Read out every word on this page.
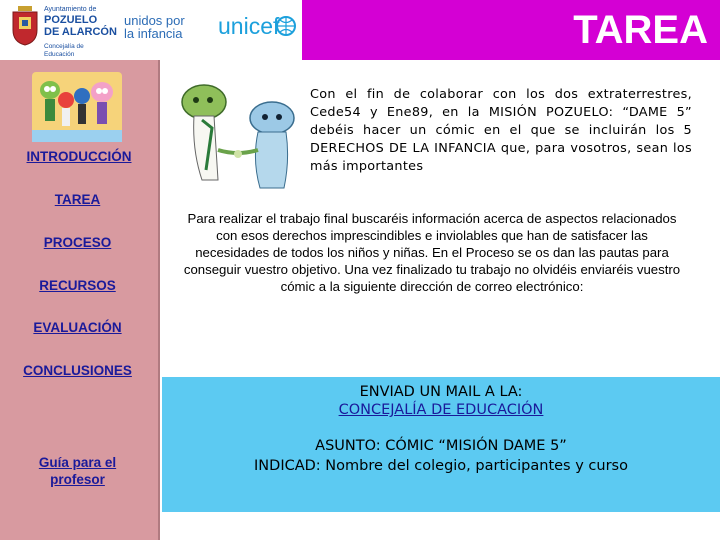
Ayuntamiento de
POZUELO
DE ALARCÓN
Concejalía de
Educación
unidos por
la infancia unicef	TAREA
INTRODUCCIÓN
TAREA
PROCESO
RECURSOS
EVALUACIÓN
CONCLUSIONES
Guía para el
profesor
Con el fin de colaborar con los dos extraterrestres, Cede54 y Ene89, en la MISIÓN POZUELO: “DAME 5” debéis hacer un cómic en el que se incluirán los 5 DERECHOS DE LA INFANCIA que, para vosotros, sean los más importantes
Para realizar el trabajo final buscaréis información acerca de aspectos relacionados con esos derechos imprescindibles e inviolables que han de satisfacer las necesidades de todos los niños y niñas. En el Proceso se os dan las pautas para conseguir vuestro objetivo. Una vez finalizado tu trabajo no olvidéis enviaréis vuestro cómic a la siguiente dirección de correo electrónico:
ENVIAD UN MAIL A LA:
CONCEJALÍA DE EDUCACIÓN
ASUNTO: CÓMIC “MISIÓN DAME 5”
INDICAD: Nombre del colegio, participantes y curso
